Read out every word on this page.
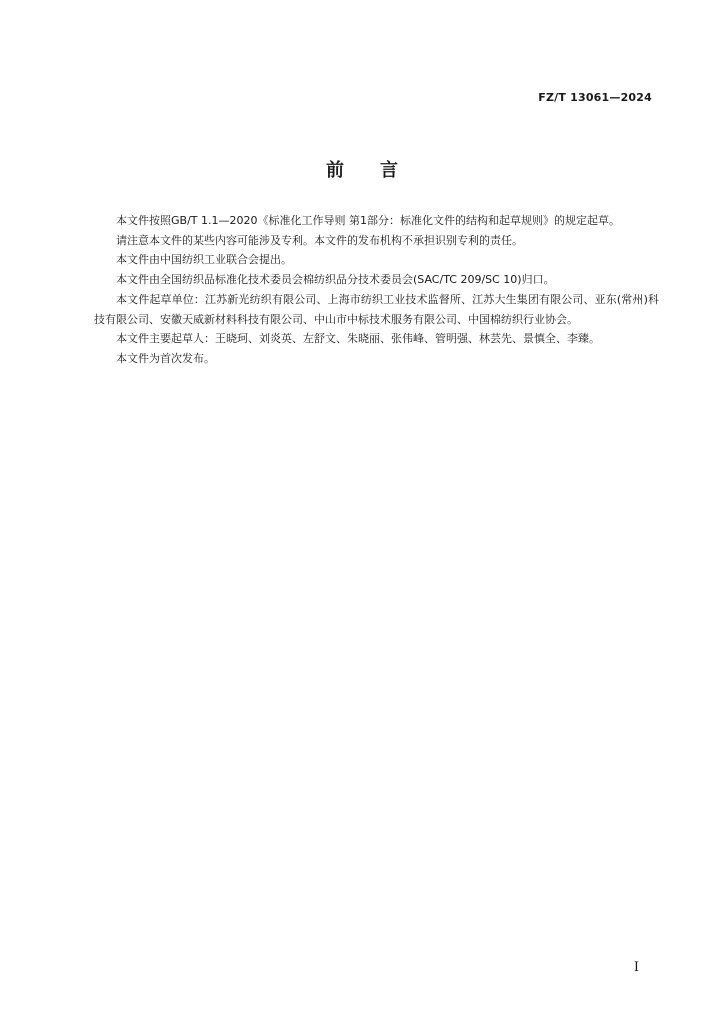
FZ/T 13061—2024
前言

本文件按照GB/T 1.1—2020《标准化工作导则 第1部分：标准化文件的结构和起草规则》的规定起草。

请注意本文件的某些内容可能涉及专利。本文件的发布机构不承担识别专利的责任。

本文件由中国纺织工业联合会提出。

本文件由全国纺织品标准化技术委员会棉纺织品分技术委员会(SAC/TC 209/SC 10)归口。

本文件起草单位：江苏新光纺织有限公司、上海市纺织工业技术监督所、江苏大生集团有限公司、亚东(常州)科技有限公司、安徽天威新材料科技有限公司、中山市中标技术服务有限公司、中国棉纺织行业协会。

本文件主要起草人：王晓珂、刘炎英、左舒文、朱晓丽、张伟峰、管明强、林芸先、景慎全、李臻。

本文件为首次发布。

I
